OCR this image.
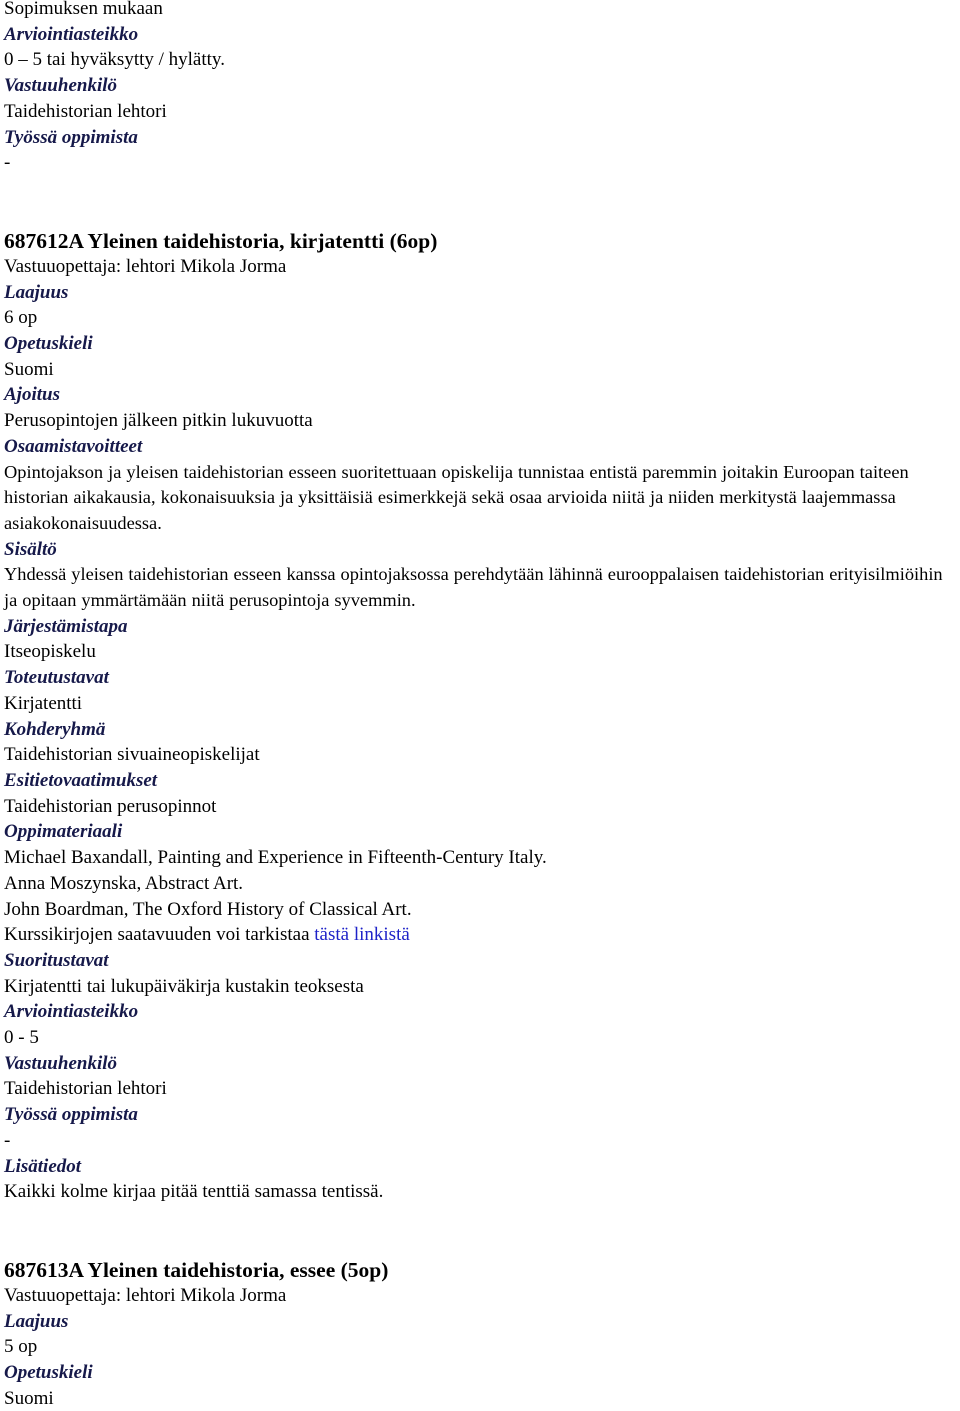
Sopimuksen mukaan
Arviointiasteikko
0 – 5 tai hyväksytty / hylätty.
Vastuuhenkilö
Taidehistorian lehtori
Työssä oppimista
-
687612A Yleinen taidehistoria, kirjatentti (6op)
Vastuuopettaja: lehtori Mikola Jorma
Laajuus
6 op
Opetuskieli
Suomi
Ajoitus
Perusopintojen jälkeen pitkin lukuvuotta
Osaamistavoitteet
Opintojakson ja yleisen taidehistorian esseen suoritettuaan opiskelija tunnistaa entistä paremmin joitakin Euroopan taiteen historian aikakausia, kokonaisuuksia ja yksittäisiä esimerkkejä sekä osaa arvioida niitä ja niiden merkitystä laajemmassa asiakokonaisuudessa.
Sisältö
Yhdessä yleisen taidehistorian esseen kanssa opintojaksossa perehdytään lähinnä eurooppalaisen taidehistorian erityisilmiöihin ja opitaan ymmärtämään niitä perusopintoja syvemmin.
Järjestämistapa
Itseopiskelu
Toteutustavat
Kirjatentti
Kohderyhmä
Taidehistorian sivuaineopiskelijat
Esitietovaatimukset
Taidehistorian perusopinnot
Oppimateriaali
Michael Baxandall, Painting and Experience in Fifteenth-Century Italy.
Anna Moszynska, Abstract Art.
John Boardman, The Oxford History of Classical Art.
Kurssikirjojen saatavuuden voi tarkistaa tästä linkistä
Suoritustavat
Kirjatentti tai lukupäiväkirja kustakin teoksesta
Arviointiasteikko
0 - 5
Vastuuhenkilö
Taidehistorian lehtori
Työssä oppimista
-
Lisätiedot
Kaikki kolme kirjaa pitää tenttiä samassa tentissä.
687613A Yleinen taidehistoria, essee (5op)
Vastuuopettaja: lehtori Mikola Jorma
Laajuus
5 op
Opetuskieli
Suomi
